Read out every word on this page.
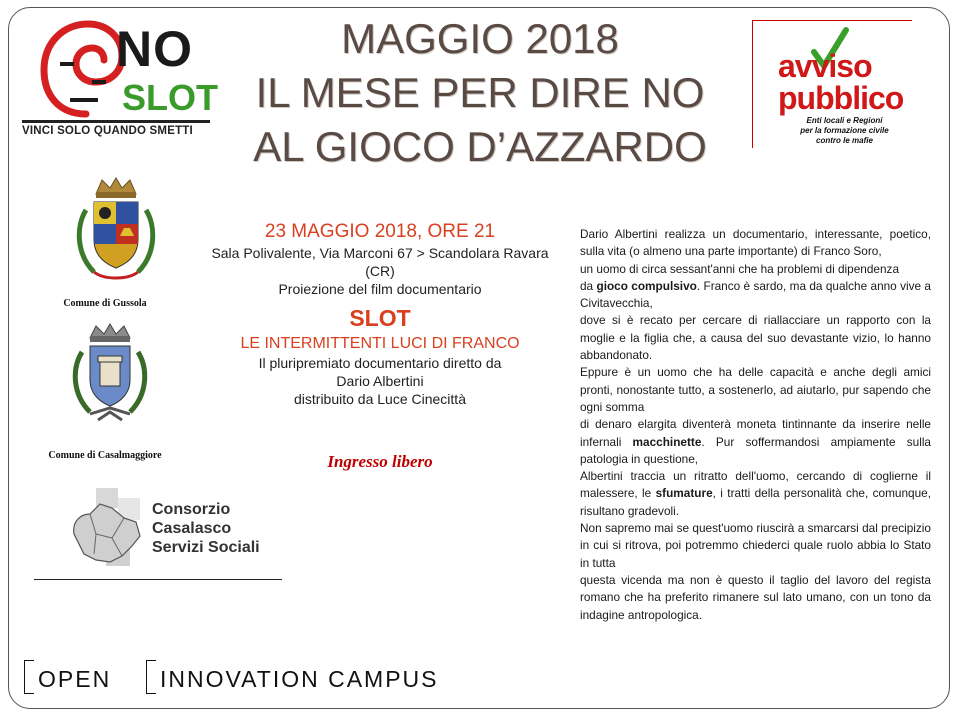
NO
SLOT
VINCI SOLO QUANDO SMETTI
MAGGIO 2018
IL MESE PER DIRE NO
AL GIOCO D’AZZARDO
avviso
pubblico
Enti locali e Regioni
per la formazione civile
contro le mafie
Comune di Gussola
Comune di Casalmaggiore
Consorzio
Casalasco
Servizi Sociali
23 MAGGIO 2018, ORE 21
Sala Polivalente, Via Marconi 67 > Scandolara Ravara (CR)
Proiezione del film documentario
SLOT
LE INTERMITTENTI LUCI DI FRANCO
Il pluripremiato documentario diretto da
Dario Albertini
distribuito da Luce Cinecittà
Ingresso libero

Dario Albertini realizza un documentario, interessante, poetico, sulla vita (o almeno una parte importante) di Franco Soro,

un uomo di circa sessant'anni che ha problemi di dipendenza

da gioco compulsivo. Franco è sardo, ma da qualche anno vive a Civitavecchia,

dove si è recato per cercare di riallacciare un rapporto con la moglie e la figlia che, a causa del suo devastante vizio, lo hanno abbandonato.

Eppure è un uomo che ha delle capacità e anche degli amici pronti, nonostante tutto, a sostenerlo, ad aiutarlo, pur sapendo che ogni somma

di denaro elargita diventerà moneta tintinnante da inserire nelle infernali macchinette. Pur soffermandosi ampiamente sulla patologia in questione,

Albertini traccia un ritratto dell'uomo, cercando di coglierne il malessere, le sfumature, i tratti della personalità che, comunque, risultano gradevoli.

Non sapremo mai se quest'uomo riuscirà a smarcarsi dal precipizio in cui si ritrova, poi potremmo chiederci quale ruolo abbia lo Stato in tutta

questa vicenda ma non è questo il taglio del lavoro del regista romano che ha preferito rimanere sul lato umano, con un tono da indagine antropologica.

OPEN INNOVATION CAMPUS
